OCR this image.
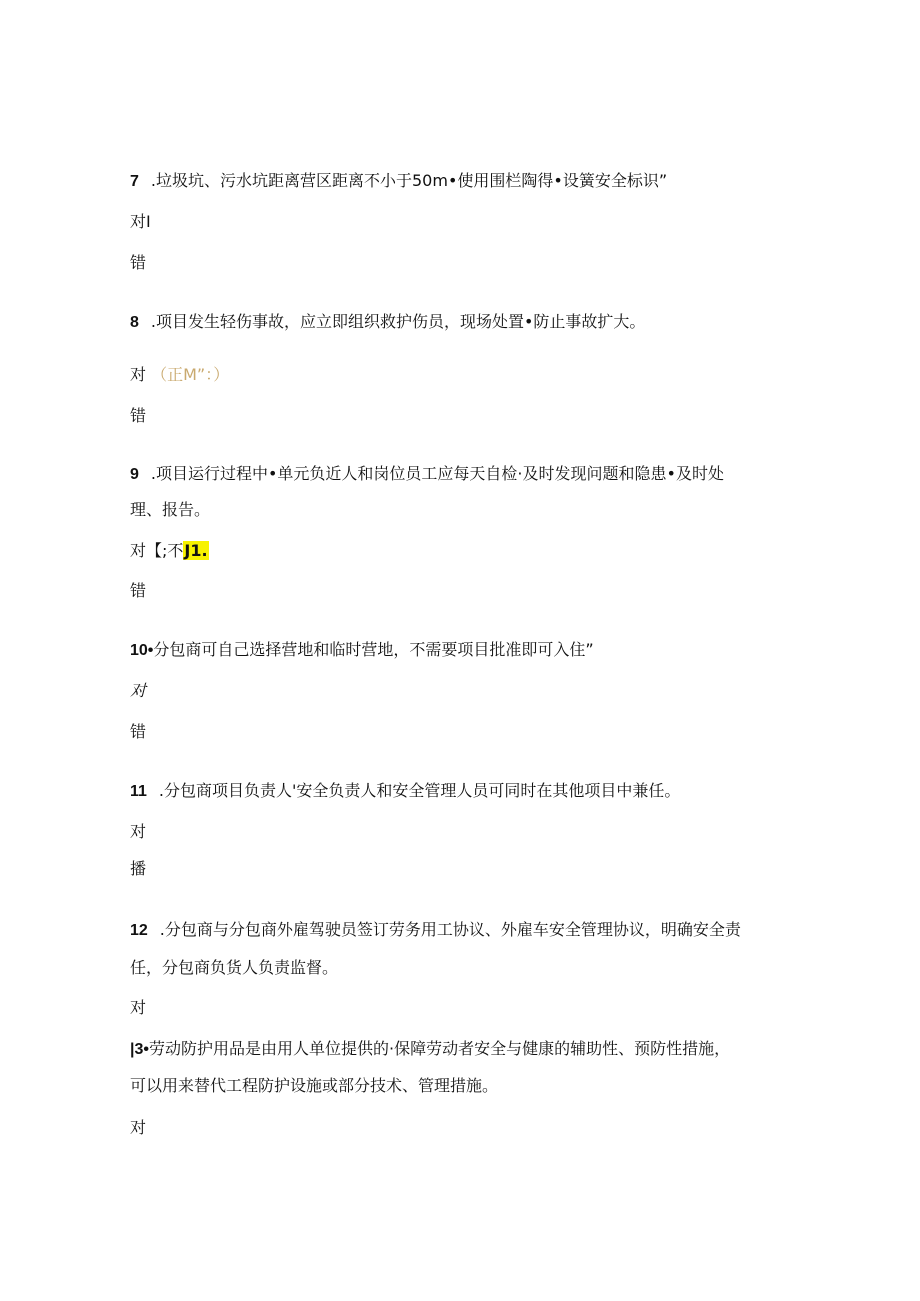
7 .垃圾坑、污水坑距离营区距离不小于50m•使用围栏陶得•设簧安全标识”
对I
错
8 .项目发生轻伤事故，应立即组织救护伤员，现场处置•防止事故扩大。
对 （正M”：）
错
9 .项目运行过程中•单元负近人和岗位员工应每天自检·及时发现问题和隐患•及时处
理、报告。
对【;不J1.
错
10•分包商可自己选择营地和临时营地，不需要项目批准即可入住”
对
错
11 .分包商项目负责人'安全负责人和安全管理人员可同时在其他项目中兼任。
对
播
12 .分包商与分包商外雇驾驶员签订劳务用工协议、外雇车安全管理协议，明确安全责
任，分包商负货人负责监督。
对
|3•劳动防护用品是由用人单位提供的·保障劳动者安全与健康的辅助性、预防性措施，
可以用来替代工程防护设施或部分技术、管理措施。
对
